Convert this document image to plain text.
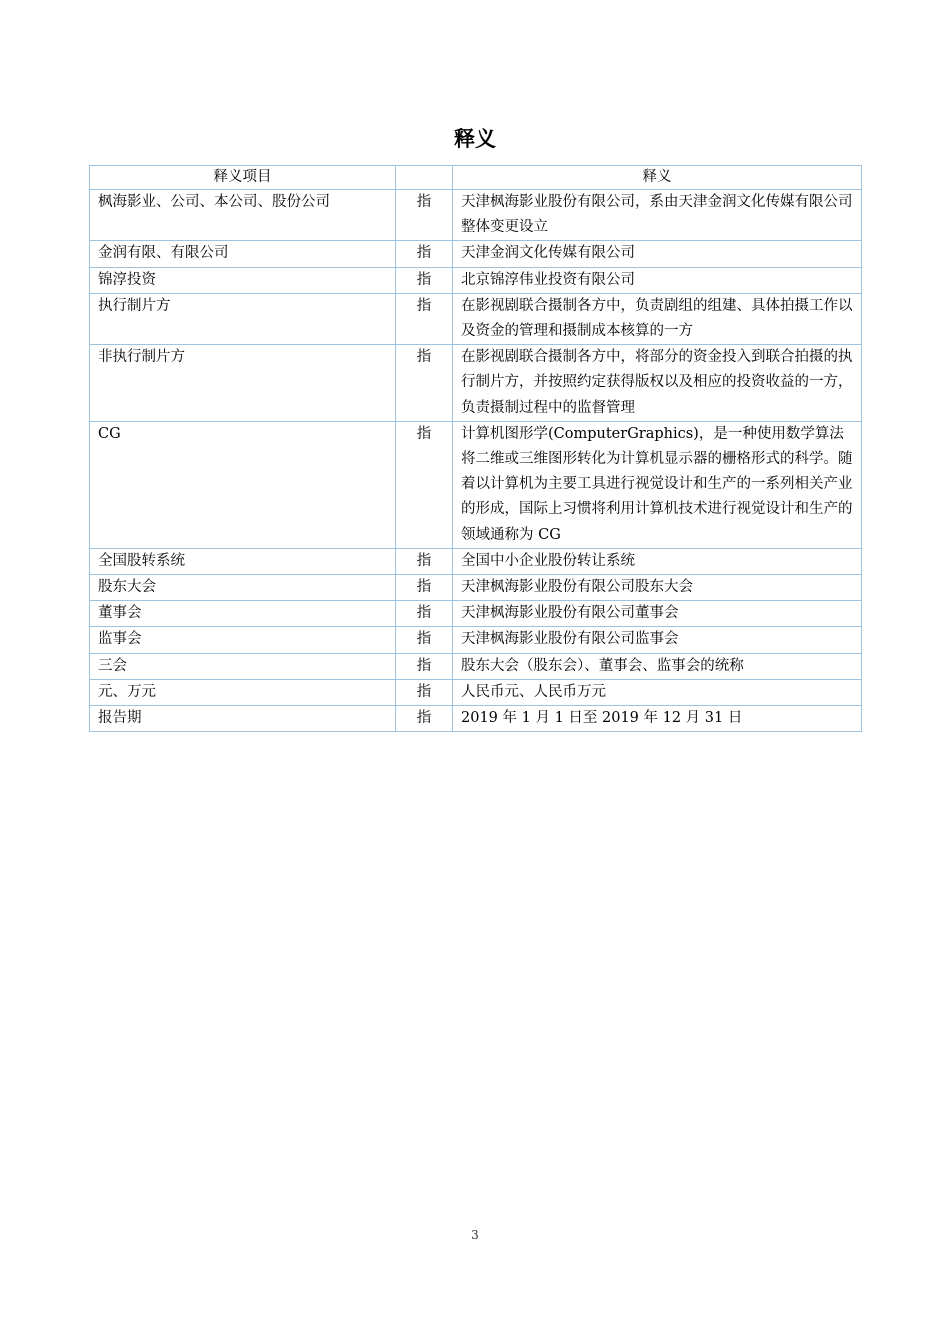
释义
释义项目		释义
枫海影业、公司、本公司、股份公司	指	天津枫海影业股份有限公司，系由天津金润文化传媒有限公司整体变更设立
金润有限、有限公司	指	天津金润文化传媒有限公司
锦淳投资	指	北京锦淳伟业投资有限公司
执行制片方	指	在影视剧联合摄制各方中，负责剧组的组建、具体拍摄工作以及资金的管理和摄制成本核算的一方
非执行制片方	指	在影视剧联合摄制各方中，将部分的资金投入到联合拍摄的执行制片方，并按照约定获得版权以及相应的投资收益的一方，负责摄制过程中的监督管理
CG	指	计算机图形学(ComputerGraphics)，是一种使用数学算法将二维或三维图形转化为计算机显示器的栅格形式的科学。随着以计算机为主要工具进行视觉设计和生产的一系列相关产业的形成，国际上习惯将利用计算机技术进行视觉设计和生产的领域通称为 CG
全国股转系统	指	全国中小企业股份转让系统
股东大会	指	天津枫海影业股份有限公司股东大会
董事会	指	天津枫海影业股份有限公司董事会
监事会	指	天津枫海影业股份有限公司监事会
三会	指	股东大会（股东会）、董事会、监事会的统称
元、万元	指	人民币元、人民币万元
报告期	指	2019 年 1 月 1 日至 2019 年 12 月 31 日
3
